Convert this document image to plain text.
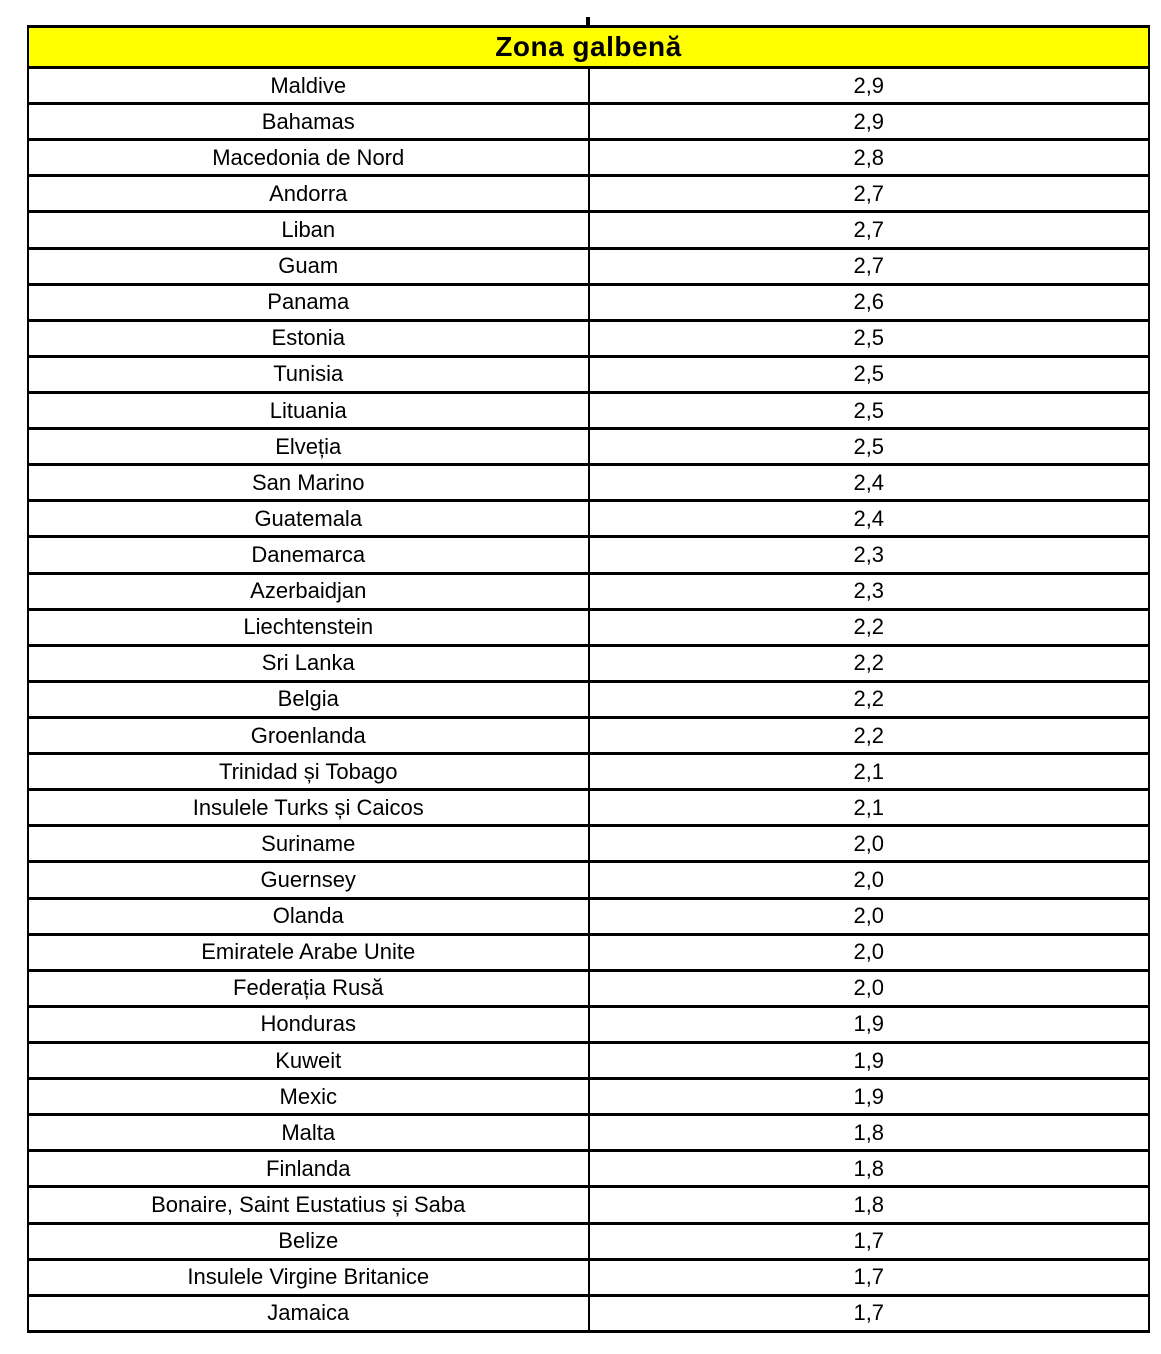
Zona galbenă	
Maldive	2,9
Bahamas	2,9
Macedonia de Nord	2,8
Andorra	2,7
Liban	2,7
Guam	2,7
Panama	2,6
Estonia	2,5
Tunisia	2,5
Lituania	2,5
Elveția	2,5
San Marino	2,4
Guatemala	2,4
Danemarca	2,3
Azerbaidjan	2,3
Liechtenstein	2,2
Sri Lanka	2,2
Belgia	2,2
Groenlanda	2,2
Trinidad și Tobago	2,1
Insulele Turks și Caicos	2,1
Suriname	2,0
Guernsey	2,0
Olanda	2,0
Emiratele Arabe Unite	2,0
Federația Rusă	2,0
Honduras	1,9
Kuweit	1,9
Mexic	1,9
Malta	1,8
Finlanda	1,8
Bonaire, Saint Eustatius și Saba	1,8
Belize	1,7
Insulele Virgine Britanice	1,7
Jamaica	1,7
